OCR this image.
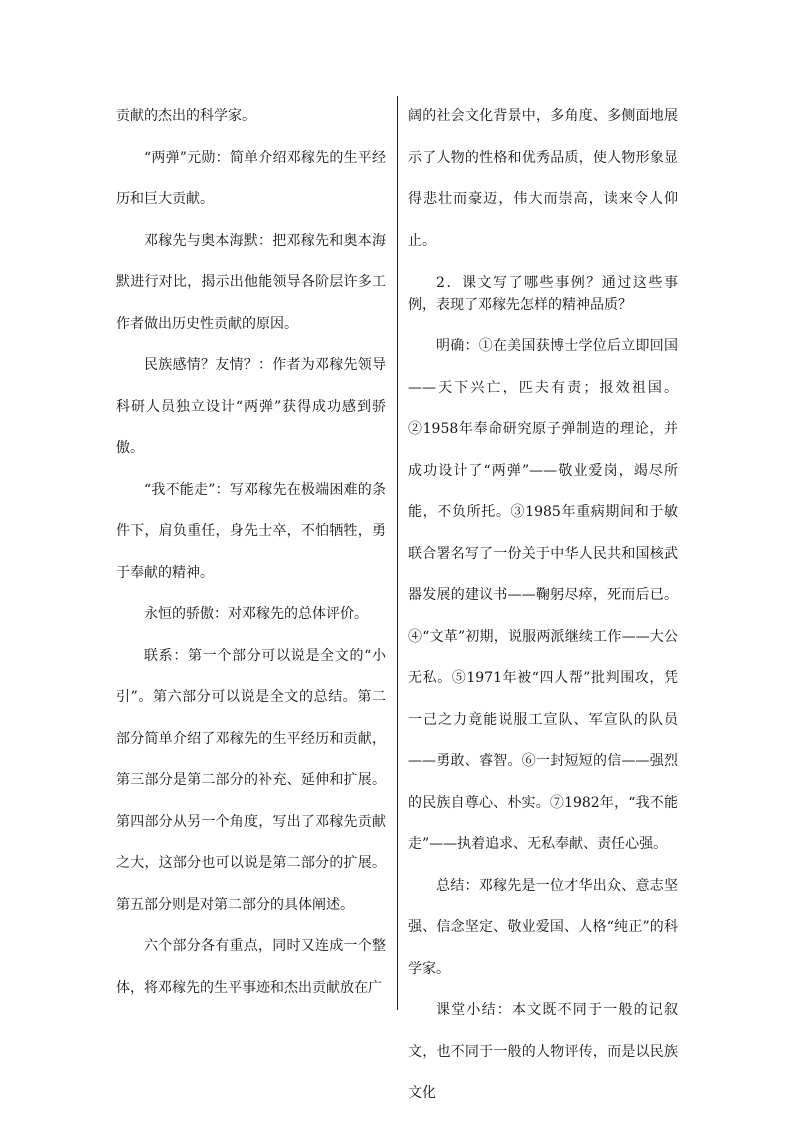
贡献的杰出的科学家。

“两弹”元勋：简单介绍邓稼先的生平经历和巨大贡献。

邓稼先与奥本海默：把邓稼先和奥本海默进行对比，揭示出他能领导各阶层许多工作者做出历史性贡献的原因。

民族感情？友情？：作者为邓稼先领导科研人员独立设计“两弹”获得成功感到骄傲。

“我不能走”：写邓稼先在极端困难的条件下，肩负重任，身先士卒，不怕牺牲，勇于奉献的精神。

永恒的骄傲：对邓稼先的总体评价。

联系：第一个部分可以说是全文的“小引”。第六部分可以说是全文的总结。第二部分简单介绍了邓稼先的生平经历和贡献，第三部分是第二部分的补充、延伸和扩展。第四部分从另一个角度，写出了邓稼先贡献之大，这部分也可以说是第二部分的扩展。第五部分则是对第二部分的具体阐述。

六个部分各有重点，同时又连成一个整体，将邓稼先的生平事迹和杰出贡献放在广

阔的社会文化背景中，多角度、多侧面地展示了人物的性格和优秀品质，使人物形象显得悲壮而豪迈，伟大而崇高，读来令人仰止。

2．课文写了哪些事例？通过这些事例，表现了邓稼先怎样的精神品质？

明确：①在美国获博士学位后立即回国——天下兴亡，匹夫有责；报效祖国。②1958年奉命研究原子弹制造的理论，并成功设计了“两弹”——敬业爱岗，竭尽所能，不负所托。③1985年重病期间和于敏联合署名写了一份关于中华人民共和国核武器发展的建议书——鞠躬尽瘁，死而后已。④“文革”初期，说服两派继续工作——大公无私。⑤1971年被“四人帮”批判围攻，凭一己之力竟能说服工宣队、军宣队的队员——勇敢、睿智。⑥一封短短的信——强烈的民族自尊心、朴实。⑦1982年，“我不能走”——执着追求、无私奉献、责任心强。

总结：邓稼先是一位才华出众、意志坚强、信念坚定、敬业爱国、人格“纯正”的科学家。

课堂小结：本文既不同于一般的记叙文，也不同于一般的人物评传，而是以民族文化
